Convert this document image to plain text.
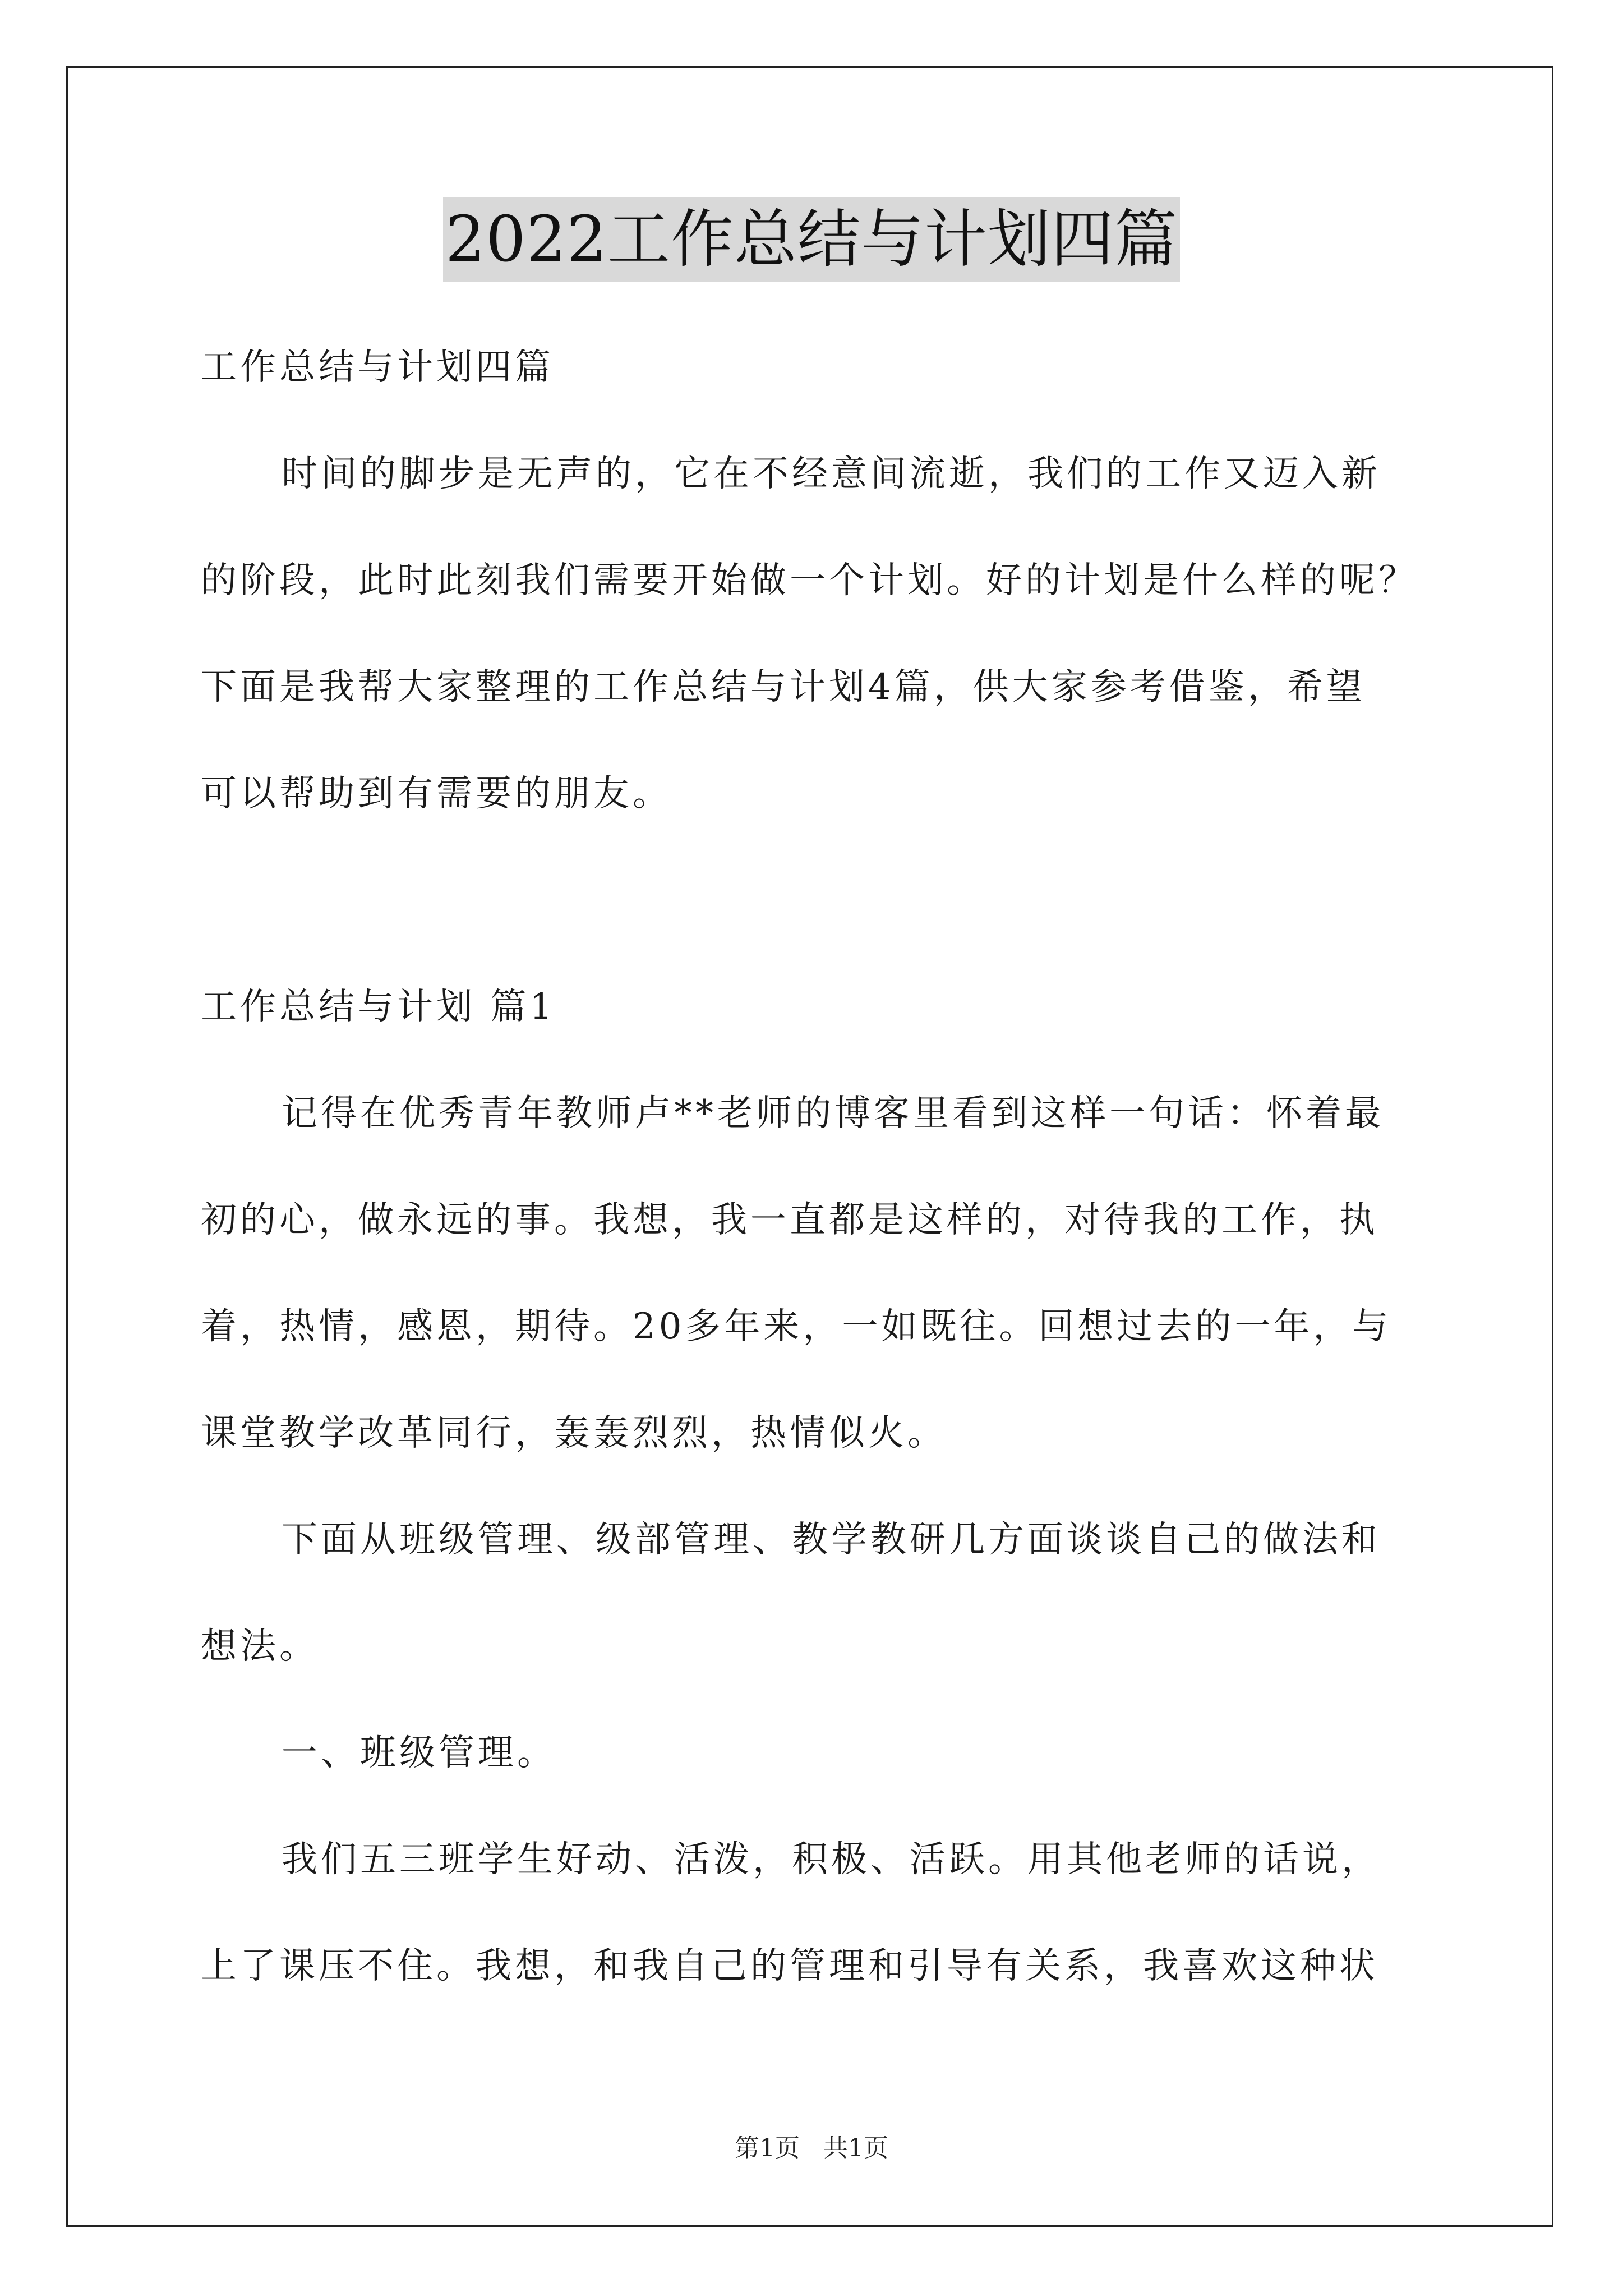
2022工作总结与计划四篇
工作总结与计划四篇
时间的脚步是无声的，它在不经意间流逝，我们的工作又迈入新
的阶段，此时此刻我们需要开始做一个计划。好的计划是什么样的呢？
下面是我帮大家整理的工作总结与计划4篇，供大家参考借鉴，希望
可以帮助到有需要的朋友。
工作总结与计划 篇1
记得在优秀青年教师卢**老师的博客里看到这样一句话：怀着最
初的心，做永远的事。我想，我一直都是这样的，对待我的工作，执
着，热情，感恩，期待。20多年来，一如既往。回想过去的一年，与
课堂教学改革同行，轰轰烈烈，热情似火。
下面从班级管理、级部管理、教学教研几方面谈谈自己的做法和
想法。
一、班级管理。
我们五三班学生好动、活泼，积极、活跃。用其他老师的话说，
上了课压不住。我想，和我自己的管理和引导有关系，我喜欢这种状
第1页 共1页
